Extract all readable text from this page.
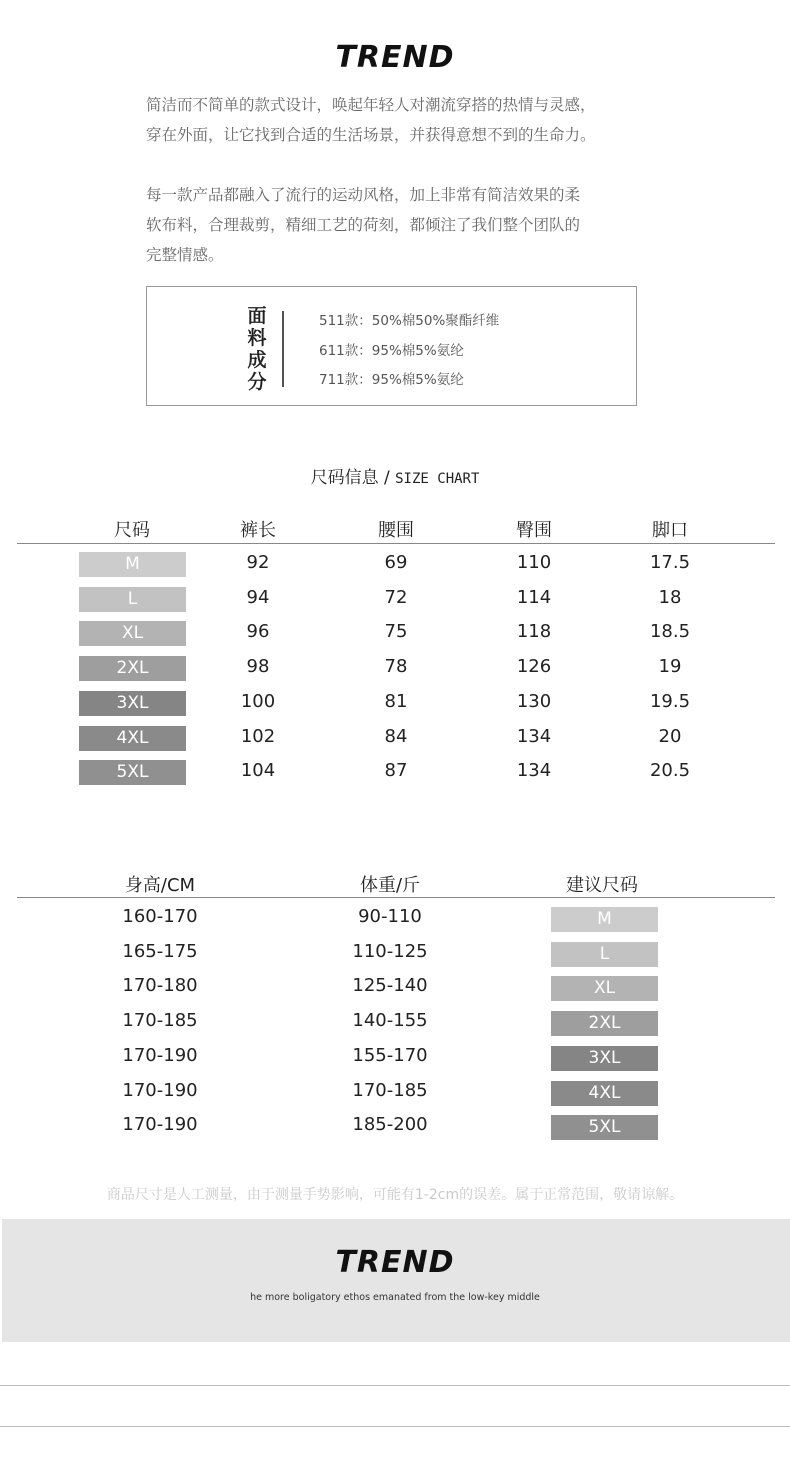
TREND

简洁而不简单的款式设计，唤起年轻人对潮流穿搭的热情与灵感，

穿在外面，让它找到合适的生活场景，并获得意想不到的生命力。

每一款产品都融入了流行的运动风格，加上非常有简洁效果的柔

软布料，合理裁剪，精细工艺的荷刻，都倾注了我们整个团队的

完整情感。

面
料
成
分
511款：50%棉50%聚酯纤维
611款：95%棉5%氨纶
711款：95%棉5%氨纶
尺码信息 / SIZE CHART
尺码	裤长	腰围	臀围	脚口
M	92	69	110	17.5
L	94	72	114	18
XL	96	75	118	18.5
2XL	98	78	126	19
3XL	100	81	130	19.5
4XL	102	84	134	20
5XL	104	87	134	20.5
身高/CM	体重/斤	建议尺码
160-170	90-110	M
165-175	110-125	L
170-180	125-140	XL
170-185	140-155	2XL
170-190	155-170	3XL
170-190	170-185	4XL
170-190	185-200	5XL
商品尺寸是人工测量，由于测量手势影响，可能有1-2cm的误差。属于正常范围，敬请谅解。
TREND
he more boligatory ethos emanated from the low-key middle
